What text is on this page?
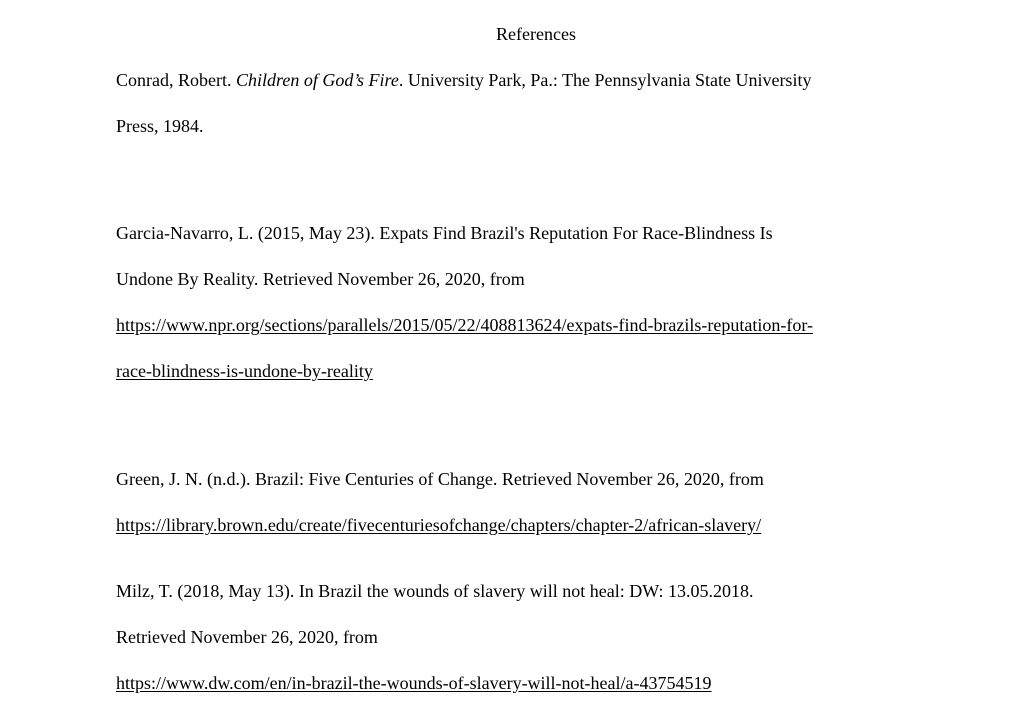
References
Conrad, Robert. Children of God’s Fire. University Park, Pa.: The Pennsylvania State University
Press, 1984.
Garcia-Navarro, L. (2015, May 23). Expats Find Brazil's Reputation For Race-Blindness Is
Undone By Reality. Retrieved November 26, 2020, from
https://www.npr.org/sections/parallels/2015/05/22/408813624/expats-find-brazils-reputation-for-
race-blindness-is-undone-by-reality
Green, J. N. (n.d.). Brazil: Five Centuries of Change. Retrieved November 26, 2020, from
https://library.brown.edu/create/fivecenturiesofchange/chapters/chapter-2/african-slavery/
Milz, T. (2018, May 13). In Brazil the wounds of slavery will not heal: DW: 13.05.2018.
Retrieved November 26, 2020, from
https://www.dw.com/en/in-brazil-the-wounds-of-slavery-will-not-heal/a-43754519
